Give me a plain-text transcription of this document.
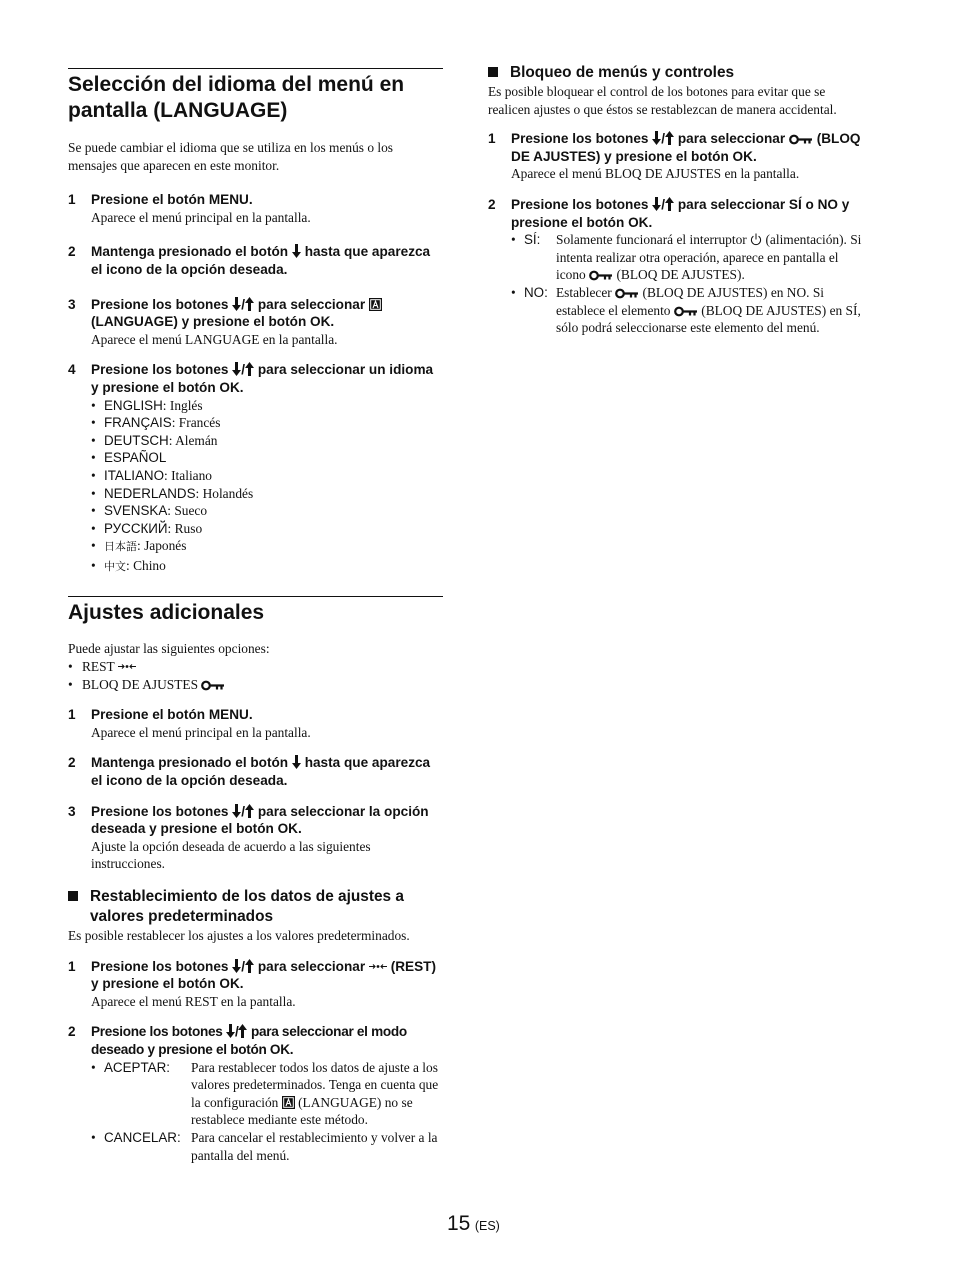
Selección del idioma del menú en pantalla (LANGUAGE)

Se puede cambiar el idioma que se utiliza en los menús o los mensajes que aparecen en este monitor.

1	Presione el botón MENU.
Aparece el menú principal en la pantalla.
2	Mantenga presionado el botón hasta que aparezca el icono de la opción deseada.
3	Presione los botones / para seleccionar  (LANGUAGE) y presione el botón OK.
Aparece el menú LANGUAGE en la pantalla.
4	Presione los botones / para seleccionar un idioma y presione el botón OK.
• ENGLISH: Inglés
• FRANÇAIS: Francés
• DEUTSCH: Alemán
• ESPAÑOL
• ITALIANO: Italiano
• NEDERLANDS: Holandés
• SVENSKA: Sueco
• РУССКИЙ: Ruso
• 日本語: Japonés
• 中文: Chino
Ajustes adicionales

Puede ajustar las siguientes opciones:

• REST
• BLOQ DE AJUSTES
1	Presione el botón MENU.
Aparece el menú principal en la pantalla.
2	Mantenga presionado el botón hasta que aparezca el icono de la opción deseada.
3	Presione los botones / para seleccionar la opción deseada y presione el botón OK.
Ajuste la opción deseada de acuerdo a las siguientes instrucciones.
Restablecimiento de los datos de ajustes a valores predeterminados

Es posible restablecer los ajustes a los valores predeterminados.

1	Presione los botones / para seleccionar (REST) y presione el botón OK.
Aparece el menú REST en la pantalla.
2	Presione los botones / para seleccionar el modo deseado y presione el botón OK.
• ACEPTAR:	Para restablecer todos los datos de ajuste a los valores predeterminados. Tenga en cuenta que la configuración (LANGUAGE) no se restablece mediante este método.
• CANCELAR: Para cancelar el restablecimiento y volver a la pantalla del menú.
Bloqueo de menús y controles

Es posible bloquear el control de los botones para evitar que se realicen ajustes o que éstos se restablezcan de manera accidental.

1	Presione los botones / para seleccionar (BLOQ DE AJUSTES) y presione el botón OK.
Aparece el menú BLOQ DE AJUSTES en la pantalla.
2	Presione los botones / para seleccionar SÍ o NO y presione el botón OK.
• SÍ:	Solamente funcionará el interruptor (alimentación). Si intenta realizar otra operación, aparece en pantalla el icono (BLOQ DE AJUSTES).
• NO: Establecer (BLOQ DE AJUSTES) en NO. Si establece el elemento (BLOQ DE AJUSTES) en SÍ, sólo podrá seleccionarse este elemento del menú.
15 (ES)
